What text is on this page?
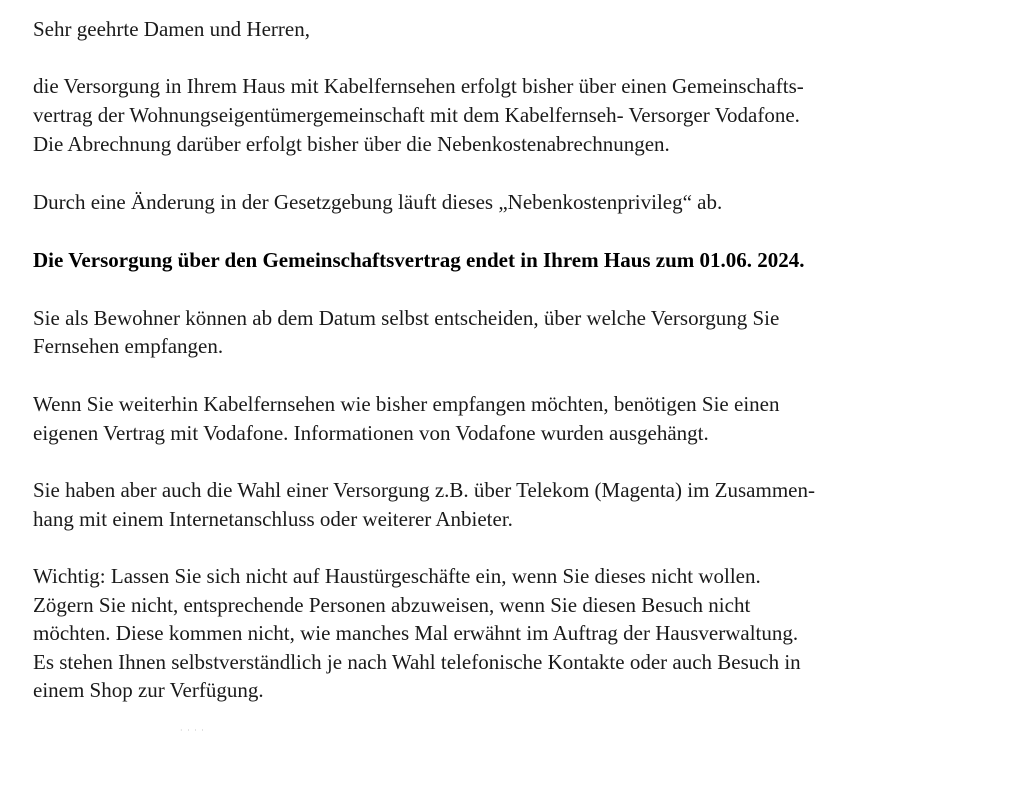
Sehr geehrte Damen und Herren,
die Versorgung in Ihrem Haus mit Kabelfernsehen erfolgt bisher über einen Gemeinschafts-
vertrag der Wohnungseigentümergemeinschaft mit dem Kabelfernseh- Versorger Vodafone.
Die Abrechnung darüber erfolgt bisher über die Nebenkostenabrechnungen.
Durch eine Änderung in der Gesetzgebung läuft dieses „Nebenkostenprivileg“ ab.
Die Versorgung über den Gemeinschaftsvertrag endet in Ihrem Haus zum 01.06. 2024.
Sie als Bewohner können ab dem Datum selbst entscheiden, über welche Versorgung Sie
Fernsehen empfangen.
Wenn Sie weiterhin Kabelfernsehen wie bisher empfangen möchten, benötigen Sie einen
eigenen Vertrag mit Vodafone. Informationen von Vodafone wurden ausgehängt.
Sie haben aber auch die Wahl einer Versorgung z.B. über Telekom (Magenta) im Zusammen-
hang mit einem Internetanschluss oder weiterer Anbieter.
Wichtig: Lassen Sie sich nicht auf Haustürgeschäfte ein, wenn Sie dieses nicht wollen.
Zögern Sie nicht, entsprechende Personen abzuweisen, wenn Sie diesen Besuch nicht
möchten. Diese kommen nicht, wie manches Mal erwähnt im Auftrag der Hausverwaltung.
Es stehen Ihnen selbstverständlich je nach Wahl telefonische Kontakte oder auch Besuch in
einem Shop zur Verfügung.
· · · ·
